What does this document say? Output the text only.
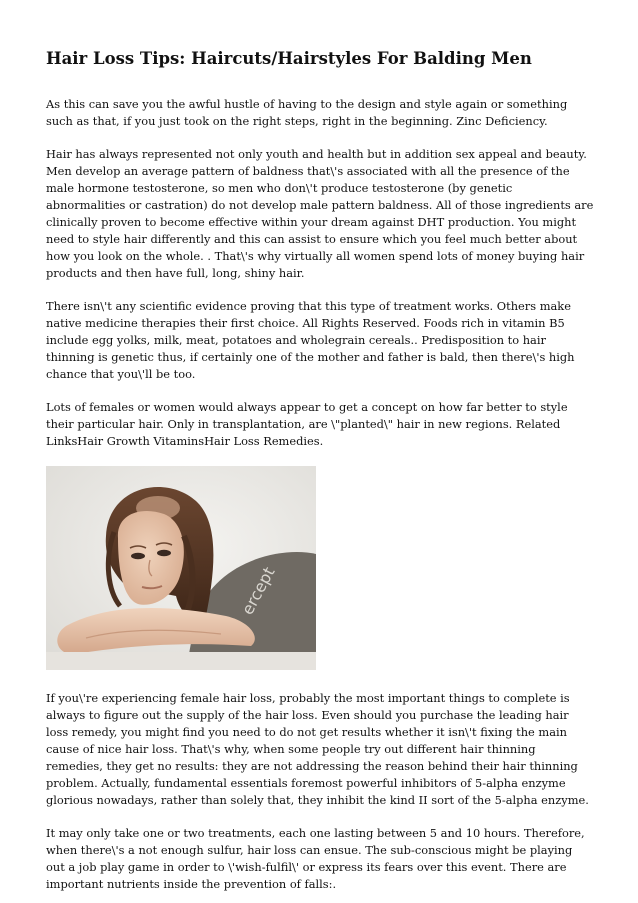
Hair Loss Tips: Haircuts/Hairstyles For Balding Men

As this can save you the awful hustle of having to the design and style again or something such as that, if you just took on the right steps, right in the beginning. Zinc Deficiency.

Hair has always represented not only youth and health but in addition sex appeal and beauty. Men develop an average pattern of baldness that\'s associated with all the presence of the male hormone testosterone, so men who don\'t produce testosterone (by genetic abnormalities or castration) do not develop male pattern baldness. All of those ingredients are clinically proven to become effective within your dream against DHT production. You might need to style hair differently and this can assist to ensure which you feel much better about how you look on the whole. . That\'s why virtually all women spend lots of money buying hair products and then have full, long, shiny hair.

There isn\'t any scientific evidence proving that this type of treatment works. Others make native medicine therapies their first choice. All Rights Reserved. Foods rich in vitamin B5 include egg yolks, milk, meat, potatoes and wholegrain cereals.. Predisposition to hair thinning is genetic thus, if certainly one of the mother and father is bald, then there\'s high chance that you\'ll be too.

Lots of females or women would always appear to get a concept on how far better to style their particular hair. Only in transplantation, are \"planted\" hair in new regions. Related LinksHair Growth VitaminsHair Loss Remedies.

ercept

If you\'re experiencing female hair loss, probably the most important things to complete is always to figure out the supply of the hair loss. Even should you purchase the leading hair loss remedy, you might find you need to do not get results whether it isn\'t fixing the main cause of nice hair loss. That\'s why, when some people try out different hair thinning remedies, they get no results: they are not addressing the reason behind their hair thinning problem. Actually, fundamental essentials foremost powerful inhibitors of 5-alpha enzyme glorious nowadays, rather than solely that, they inhibit the kind II sort of the 5-alpha enzyme.

It may only take one or two treatments, each one lasting between 5 and 10 hours. Therefore, when there\'s a not enough sulfur, hair loss can ensue. The sub-conscious might be playing out a job play game in order to \'wish-fulfil\' or express its fears over this event. There are important nutrients inside the prevention of falls:.
